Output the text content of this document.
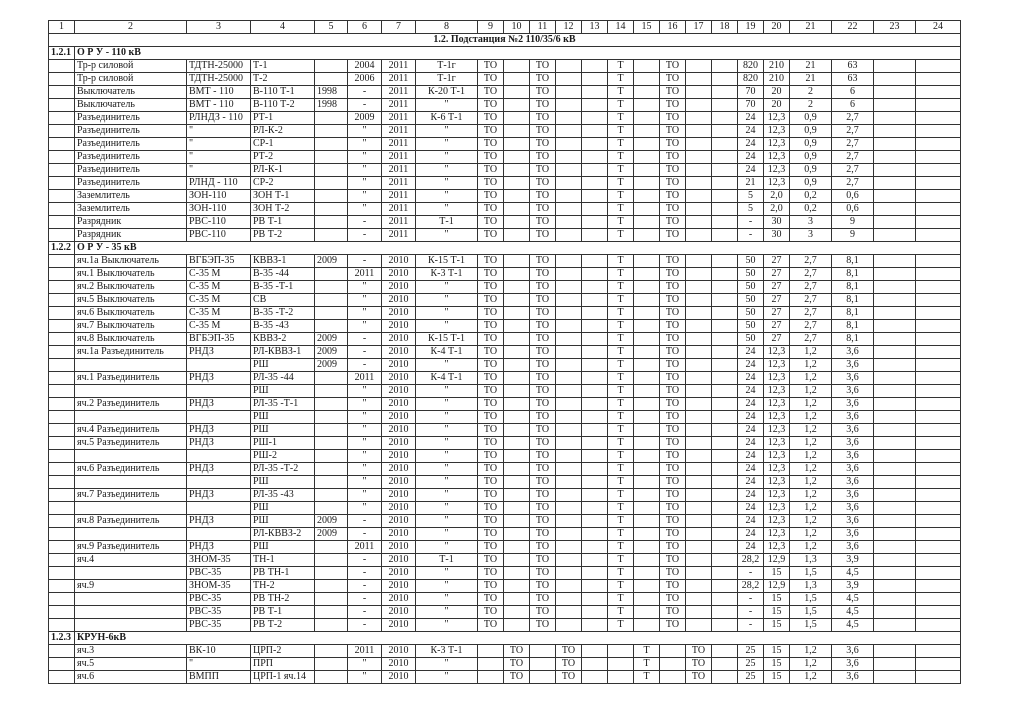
1	2	3	4	5	6	7	8	9	10	11	12	13	14	15	16	17	18	19	20	21	22	23	24
1.2. Подстанция №2 110/35/6 кВ																							
1.2.1	О Р У - 110 кВ																						
	Тр-р силовой	ТДТН-25000	Т-1		2004	2011	Т-1г	ТО		ТО			Т		ТО			820	210	21	63		
	Тр-р силовой	ТДТН-25000	Т-2		2006	2011	Т-1г	ТО		ТО			Т		ТО			820	210	21	63		
	Выключатель	ВМТ - 110	В-110 Т-1	1998	-	2011	К-20 Т-1	ТО		ТО			Т		ТО			70	20	2	6		
	Выключатель	ВМТ - 110	В-110 Т-2	1998	-	2011	"	ТО		ТО			Т		ТО			70	20	2	6		
	Разъединитель	РЛНДЗ - 110	РТ-1		2009	2011	К-6 Т-1	ТО		ТО			Т		ТО			24	12,3	0,9	2,7		
	Разъединитель	"	РЛ-К-2		"	2011	"	ТО		ТО			Т		ТО			24	12,3	0,9	2,7		
	Разъединитель	"	СР-1		"	2011	"	ТО		ТО			Т		ТО			24	12,3	0,9	2,7		
	Разъединитель	"	РТ-2		"	2011	"	ТО		ТО			Т		ТО			24	12,3	0,9	2,7		
	Разъединитель	"	РЛ-К-1		"	2011	"	ТО		ТО			Т		ТО			24	12,3	0,9	2,7		
	Разъединитель	РЛНД - 110	СР-2		"	2011	"	ТО		ТО			Т		ТО			21	12,3	0,9	2,7		
	Заземлитель	ЗОН-110	ЗОН Т-1		"	2011	"	ТО		ТО			Т		ТО			5	2,0	0,2	0,6		
	Заземлитель	ЗОН-110	ЗОН Т-2		"	2011	"	ТО		ТО			Т		ТО			5	2,0	0,2	0,6		
	Разрядник	РВС-110	РВ Т-1		-	2011	Т-1	ТО		ТО			Т		ТО			-	30	3	9		
	Разрядник	РВС-110	РВ Т-2		-	2011	"	ТО		ТО			Т		ТО			-	30	3	9		
1.2.2	О Р У - 35 кВ																						
	яч.1а Выключатель	ВГБЭП-35	КВВЗ-1	2009	-	2010	К-15 Т-1	ТО		ТО			Т		ТО			50	27	2,7	8,1		
	яч.1 Выключатель	С-35 М	В-35 -44		2011	2010	К-3 Т-1	ТО		ТО			Т		ТО			50	27	2,7	8,1		
	яч.2 Выключатель	С-35 М	В-35 -Т-1		"	2010	"	ТО		ТО			Т		ТО			50	27	2,7	8,1		
	яч.5 Выключатель	С-35 М	СВ		"	2010	"	ТО		ТО			Т		ТО			50	27	2,7	8,1		
	яч.6 Выключатель	С-35 М	В-35 -Т-2		"	2010	"	ТО		ТО			Т		ТО			50	27	2,7	8,1		
	яч.7 Выключатель	С-35 М	В-35 -43		"	2010	"	ТО		ТО			Т		ТО			50	27	2,7	8,1		
	яч.8 Выключатель	ВГБЭП-35	КВВЗ-2	2009	-	2010	К-15 Т-1	ТО		ТО			Т		ТО			50	27	2,7	8,1		
	яч.1а Разъединитель	РНДЗ	РЛ-КВВЗ-1	2009	-	2010	К-4 Т-1	ТО		ТО			Т		ТО			24	12,3	1,2	3,6		
			РШ	2009	-	2010	"	ТО		ТО			Т		ТО			24	12,3	1,2	3,6		
	яч.1 Разъединитель	РНДЗ	РЛ-35 -44		2011	2010	К-4 Т-1	ТО		ТО			Т		ТО			24	12,3	1,2	3,6		
			РШ		"	2010	"	ТО		ТО			Т		ТО			24	12,3	1,2	3,6		
	яч.2 Разъединитель	РНДЗ	РЛ-35 -Т-1		"	2010	"	ТО		ТО			Т		ТО			24	12,3	1,2	3,6		
			РШ		"	2010	"	ТО		ТО			Т		ТО			24	12,3	1,2	3,6		
	яч.4 Разъединитель	РНДЗ	РШ		"	2010	"	ТО		ТО			Т		ТО			24	12,3	1,2	3,6		
	яч.5 Разъединитель	РНДЗ	РШ-1		"	2010	"	ТО		ТО			Т		ТО			24	12,3	1,2	3,6		
			РШ-2		"	2010	"	ТО		ТО			Т		ТО			24	12,3	1,2	3,6		
	яч.6 Разъединитель	РНДЗ	РЛ-35 -Т-2		"	2010	"	ТО		ТО			Т		ТО			24	12,3	1,2	3,6		
			РШ		"	2010	"	ТО		ТО			Т		ТО			24	12,3	1,2	3,6		
	яч.7 Разъединитель	РНДЗ	РЛ-35 -43		"	2010	"	ТО		ТО			Т		ТО			24	12,3	1,2	3,6		
			РШ		"	2010	"	ТО		ТО			Т		ТО			24	12,3	1,2	3,6		
	яч.8 Разъединитель	РНДЗ	РШ	2009	-	2010	"	ТО		ТО			Т		ТО			24	12,3	1,2	3,6		
			РЛ-КВВЗ-2	2009	-	2010	"	ТО		ТО			Т		ТО			24	12,3	1,2	3,6		
	яч.9 Разъединитель	РНДЗ	РШ		2011	2010	"	ТО		ТО			Т		ТО			24	12,3	1,2	3,6		
	яч.4	ЗНОМ-35	ТН-1		-	2010	Т-1	ТО		ТО			Т		ТО			28,2	12,9	1,3	3,9		
		РВС-35	РВ ТН-1		-	2010	"	ТО		ТО			Т		ТО			-	15	1,5	4,5		
	яч.9	ЗНОМ-35	ТН-2		-	2010	"	ТО		ТО			Т		ТО			28,2	12,9	1,3	3,9		
		РВС-35	РВ ТН-2		-	2010	"	ТО		ТО			Т		ТО			-	15	1,5	4,5		
		РВС-35	РВ Т-1		-	2010	"	ТО		ТО			Т		ТО			-	15	1,5	4,5		
		РВС-35	РВ Т-2		-	2010	"	ТО		ТО			Т		ТО			-	15	1,5	4,5		
1.2.3	КРУН-6кВ																						
	яч.3	ВК-10	ЦРП-2		2011	2010	К-3 Т-1		ТО		ТО			Т		ТО		25	15	1,2	3,6		
	яч.5	"	ПРП		"	2010	"		ТО		ТО			Т		ТО		25	15	1,2	3,6		
	яч.6	ВМПП	ЦРП-1 яч.14		"	2010	"		ТО		ТО			Т		ТО		25	15	1,2	3,6		
